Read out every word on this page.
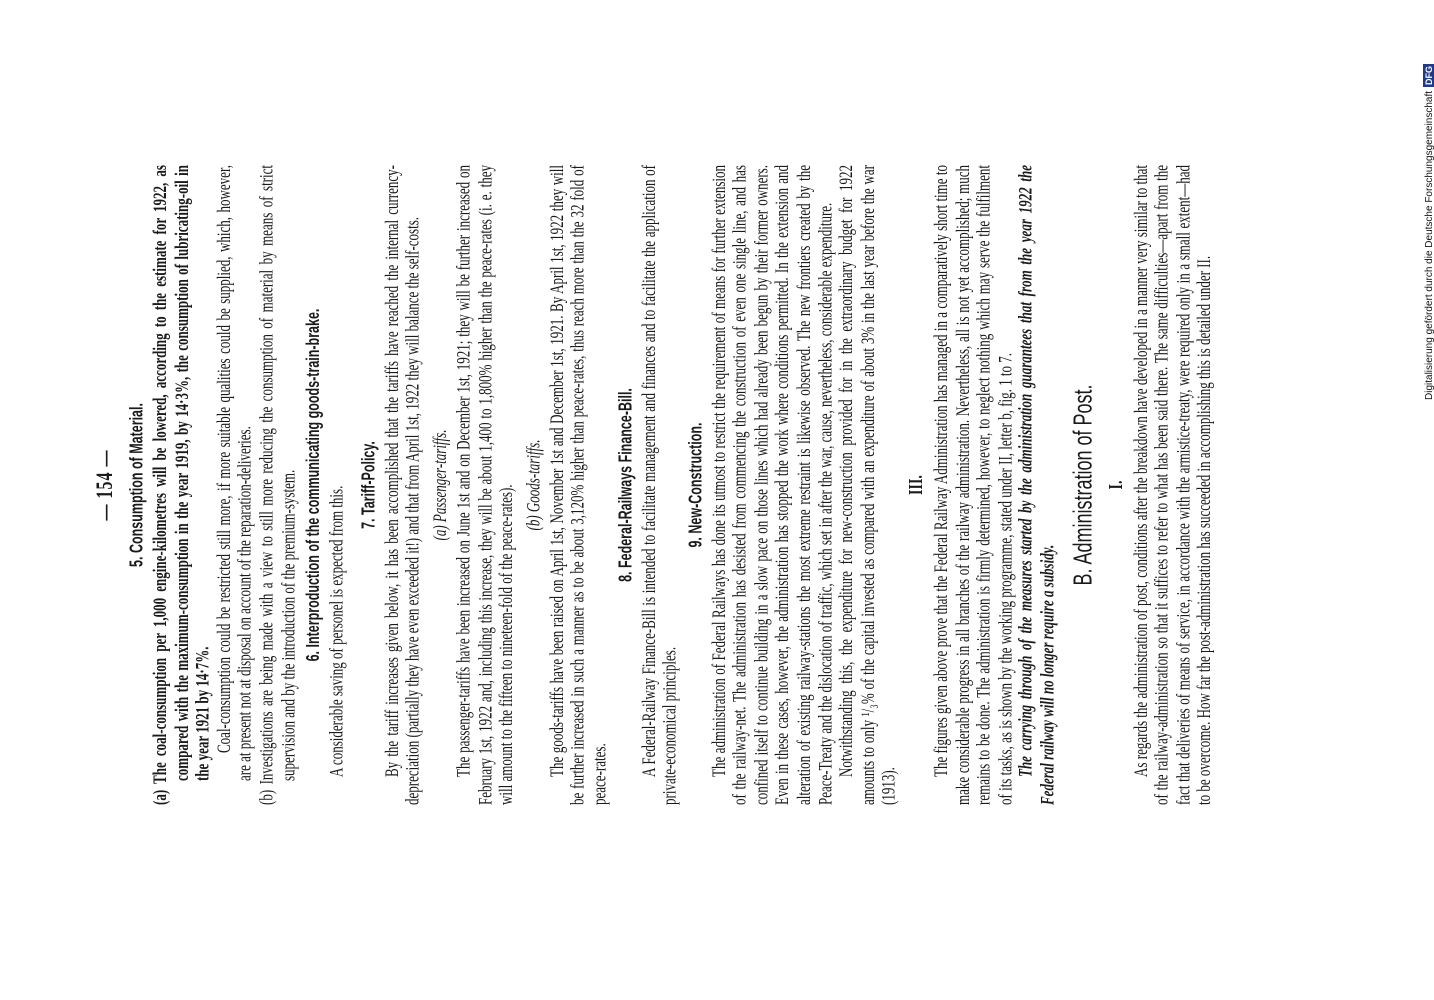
— 154 — 5. Consumption of Material. (a) The coal-consumption per 1,000 engine-kilometres will be lowered, according to the estimate for 1922, as compared with the maximum-consumption in the year 1919, by 14·3%, the consumption of lubricating-oil in the year 1921 by 14·7%. Coal-consumption could be restricted still more, if more suitable qualities could be supplied, which, however, are at present not at disposal on account of the reparation-deliveries. (b) Investigations are being made with a view to still more reducing the consumption of material by means of strict supervision and by the introduction of the premium-system. 6. Interproduction of the communicating goods-train-brake. A considerable saving of personel is expected from this.

7. Tariff-Policy. By the tariff increases given below, it has been accomplished that the tariffs have reached the internal currency-depreciation (partially they have even exceeded it!) and that from April 1st, 1922 they will balance the self-costs. (a) Passenger-tariffs. The passenger-tariffs have been increased on June 1st and on December 1st, 1921; they will be further increased on February 1st, 1922 and, including this increase, they will be about 1,400 to 1,800% higher than the peace-rates (i. e. they will amount to the fifteen to nineteen-fold of the peace-rates). (b) Goods-tariffs. The goods-tariffs have been raised on April 1st, November 1st and December 1st, 1921. By April 1st, 1922 they will be further increased in such a manner as to be about 3,120% higher than peace-rates, thus reach more than the 32 fold of peace-rates.

8. Federal-Railways Finance-Bill. A Federal-Railway Finance-Bill is intended to facilitate management and finances and to facilitate the application of private-economical principles.

9. New-Construction. The administration of Federal Railways has done its utmost to restrict the requirement of means for further extension of the railway-net. The administration has desisted from commencing the construction of even one single line, and has confined itself to continue building in a slow pace on those lines which had already been begun by their former owners. Even in these cases, however, the administration has stopped the work where conditions permitted. In the extension and alteration of existing railway-stations the most extreme restraint is likewise observed. The new frontiers created by the Peace-Treaty and the dislocation of traffic, which set in after the war, cause, nevertheless, considerable expenditure. Notwithstanding this, the expenditure for new-construction provided for in the extraordinary budget for 1922 amounts to only ¹/₃% of the capital invested as compared with an expenditure of about 3% in the last year before the war (1913).

III. The figures given above prove that the Federal Railway Administration has managed in a comparatively short time to make considerable progress in all branches of the railway administration. Nevertheless, all is not yet accomplished; much remains to be done. The administration is firmly determined, however, to neglect nothing which may serve the fulfilment of its tasks, as is shown by the working programme, stated under II, letter b, fig. 1 to 7. The carrying through of the measures started by the administration guarantees that from the year 1922 the Federal railway will no longer require a subsidy.

B. Administration of Post. I. As regards the administration of post, conditions after the breakdown have developed in a manner very similar to that of the railway-administration so that it suffices to refer to what has been said there. The same difficulties—apart from the fact that deliveries of means of service, in accordance with the armistice-treaty, were required only in a small extent—had to be overcome. How far the post-administration has succeeded in accomplishing this is detailed under II.

Digitalisierung gefördert durch die Deutsche Forschungsgemeinschaft
DFG
